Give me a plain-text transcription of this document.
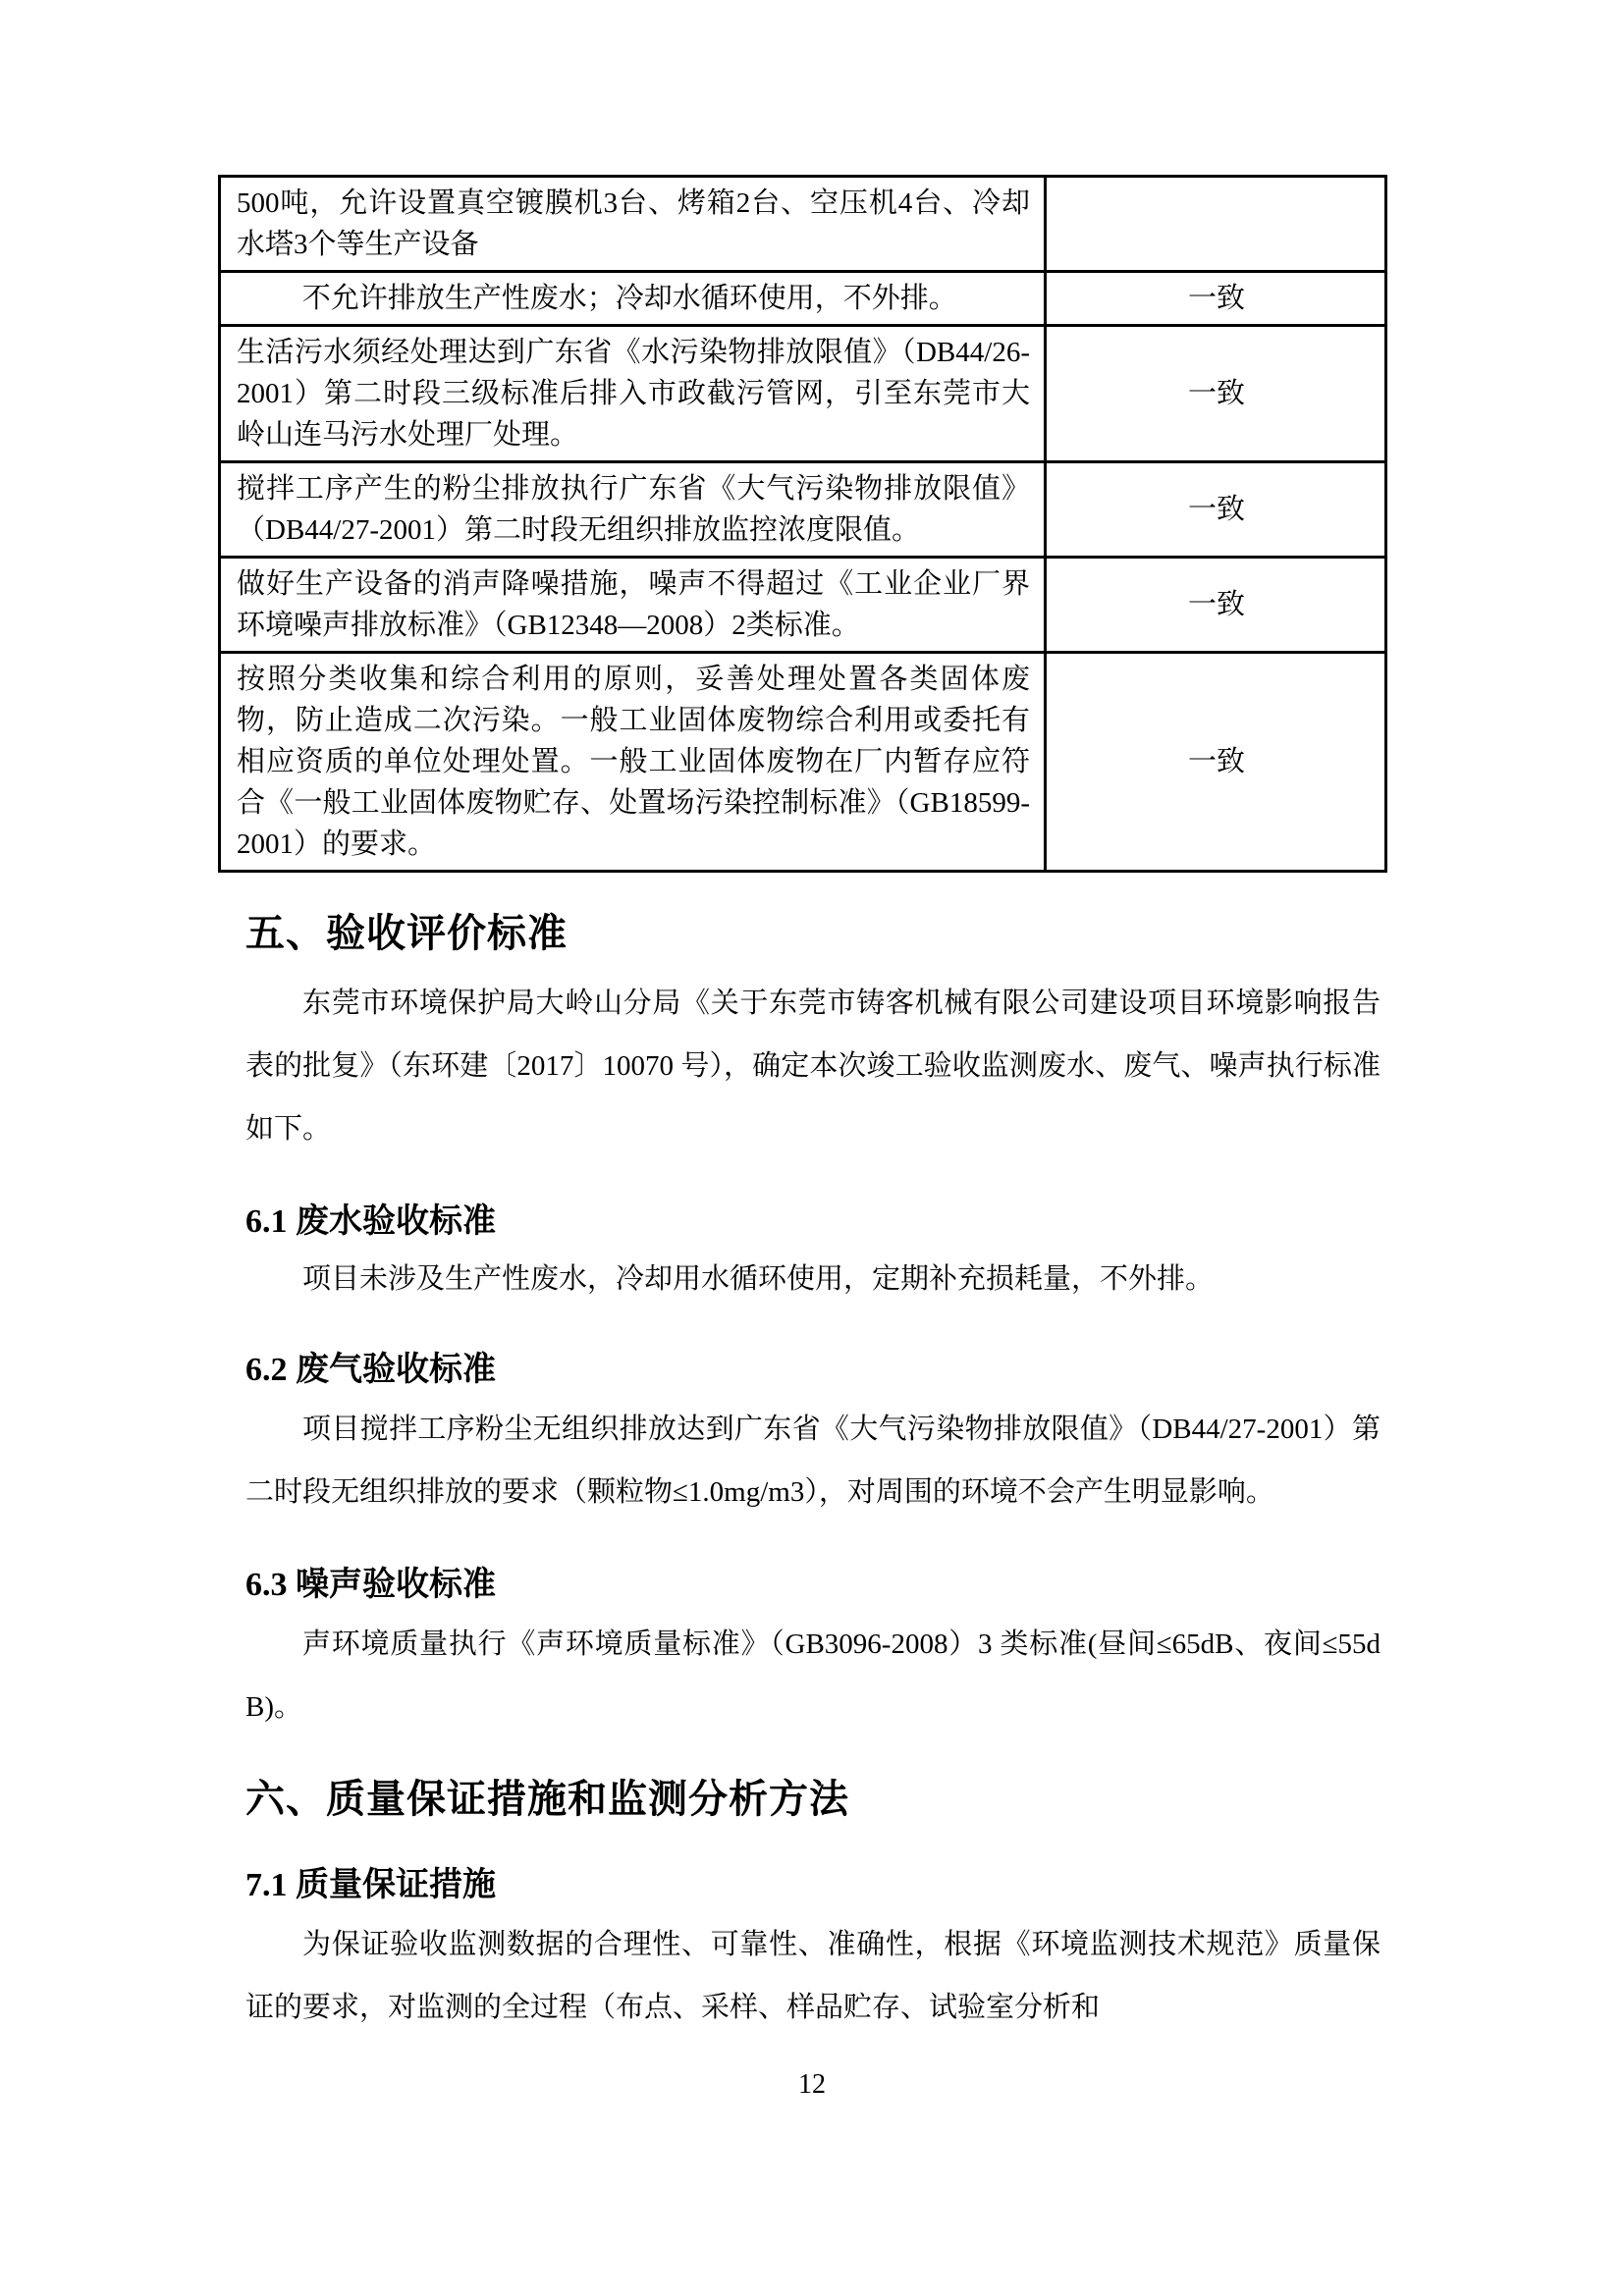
500吨，允许设置真空镀膜机3台、烤箱2台、空压机4台、冷却水塔3个等生产设备	
不允许排放生产性废水；冷却水循环使用，不外排。	一致
生活污水须经处理达到广东省《水污染物排放限值》（DB44/26-2001）第二时段三级标准后排入市政截污管网，引至东莞市大岭山连马污水处理厂处理。	一致
搅拌工序产生的粉尘排放执行广东省《大气污染物排放限值》（DB44/27-2001）第二时段无组织排放监控浓度限值。	一致
做好生产设备的消声降噪措施，噪声不得超过《工业企业厂界环境噪声排放标准》（GB12348—2008）2类标准。	一致
按照分类收集和综合利用的原则，妥善处理处置各类固体废物，防止造成二次污染。一般工业固体废物综合利用或委托有相应资质的单位处理处置。一般工业固体废物在厂内暂存应符合《一般工业固体废物贮存、处置场污染控制标准》（GB18599-2001）的要求。	一致
五、验收评价标准

东莞市环境保护局大岭山分局《关于东莞市铸客机械有限公司建设项目环境影响报告表的批复》（东环建〔2017〕10070 号），确定本次竣工验收监测废水、废气、噪声执行标准如下。

6.1 废水验收标准

项目未涉及生产性废水，冷却用水循环使用，定期补充损耗量，不外排。

6.2 废气验收标准

项目搅拌工序粉尘无组织排放达到广东省《大气污染物排放限值》（DB44/27-2001）第二时段无组织排放的要求（颗粒物≤1.0mg/m3），对周围的环境不会产生明显影响。

6.3 噪声验收标准

声环境质量执行《声环境质量标准》（GB3096-2008）3 类标准(昼间≤65dB、夜间≤55dB)。

六、质量保证措施和监测分析方法
7.1 质量保证措施

为保证验收监测数据的合理性、可靠性、准确性，根据《环境监测技术规范》质量保证的要求，对监测的全过程（布点、采样、样品贮存、试验室分析和

12
